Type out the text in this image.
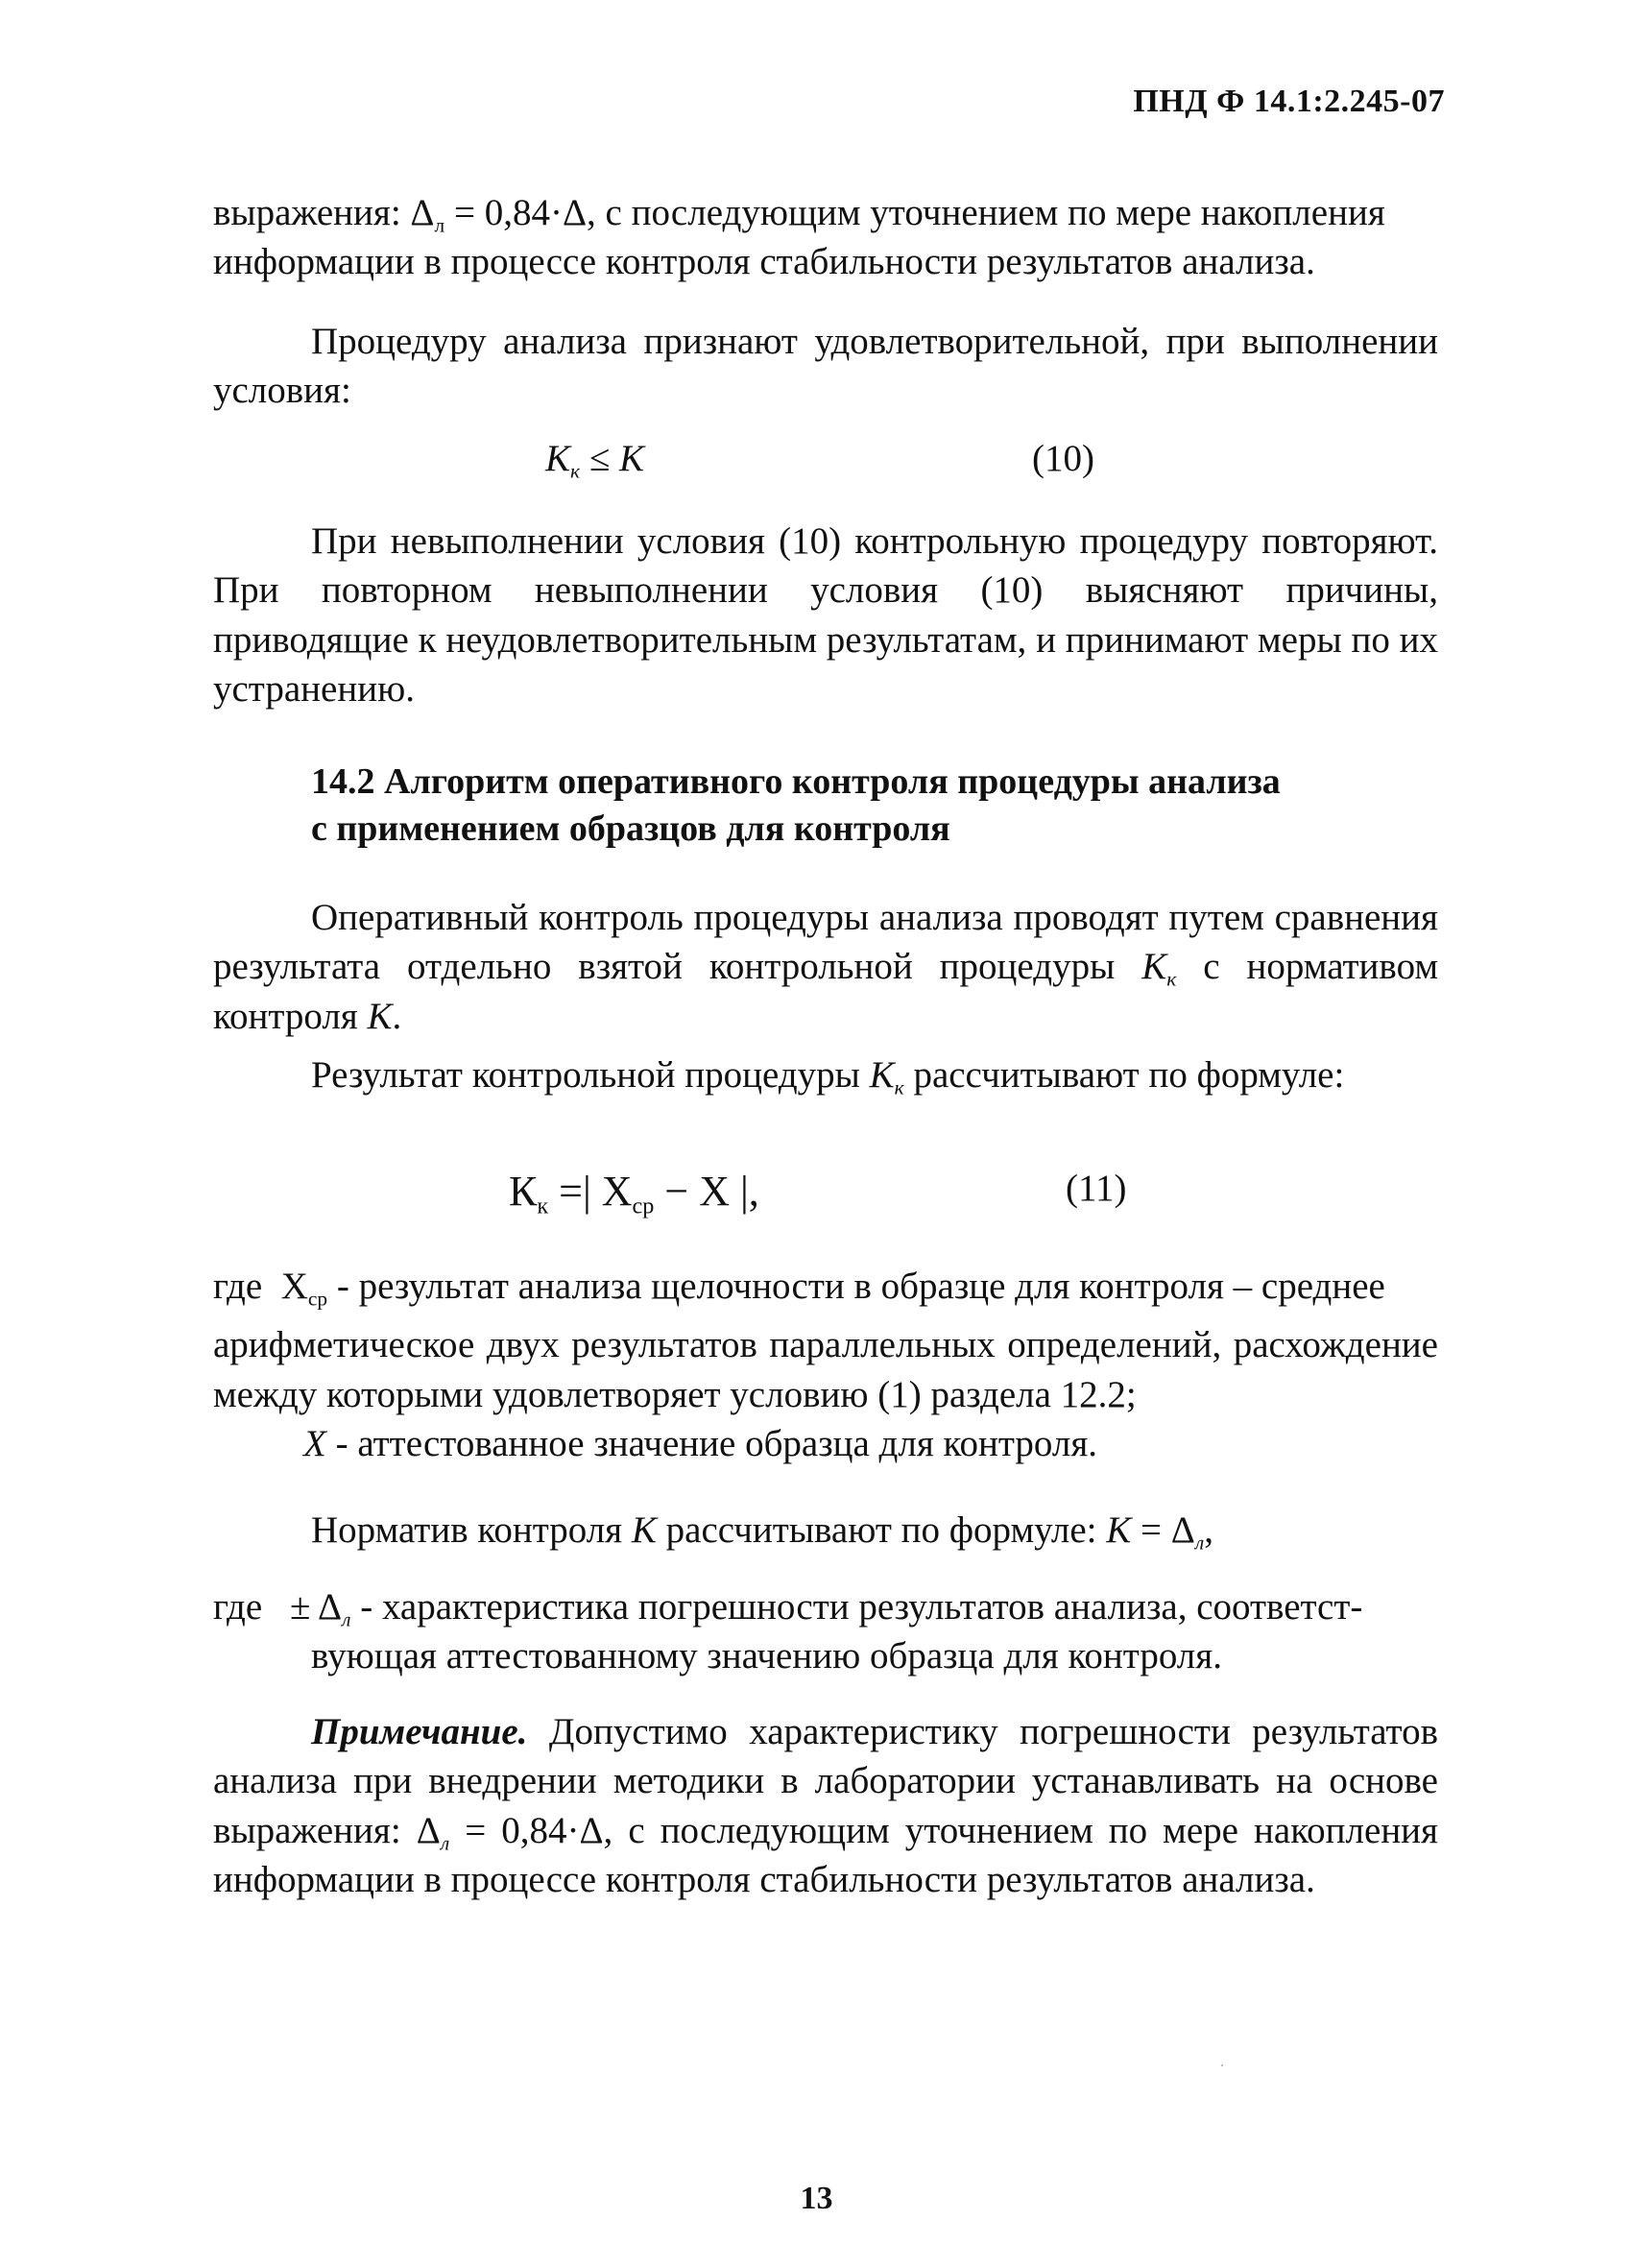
ПНД Ф 14.1:2.245-07
выражения: $\Delta_л = 0,84\cdot\Delta$, с последующим уточнением по мере накопления
информации в процессе контроля стабильности результатов анализа.
Процедуру анализа признают удовлетворительной, при выполнении условия:
$K_к \le K$	(10)
При невыполнении условия (10) контрольную процедуру повторяют. При повторном невыполнении условия (10) выясняют причины, приводящие к неудовлетворительным результатам, и принимают меры по их устранению.
14.2 Алгоритм оперативного контроля процедуры анализа
с применением образцов для контроля
Оперативный контроль процедуры анализа проводят путем сравнения результата отдельно взятой контрольной процедуры $K_к$ с нормативом контроля K.
Результат контрольной процедуры $K_к$ рассчитывают по формуле:
$К_к$ =| $X_{ср} - X$ |,	(11)
где $X_{ср}$ - результат анализа щелочности в образце для контроля – среднее
арифметическое двух результатов параллельных определений, расхождение между которыми удовлетворяет условию (1) раздела 12.2;
X - аттестованное значение образца для контроля.
Норматив контроля K рассчитывают по формуле: $K = \Delta_л$,
где ± $\Delta_л$ - характеристика погрешности результатов анализа, соответст-
вующая аттестованному значению образца для контроля.
Примечание. Допустимо характеристику погрешности результатов анализа при внедрении методики в лаборатории устанавливать на основе выражения: $\Delta_л = 0,84\cdot\Delta$, с последующим уточнением по мере накопления информации в процессе контроля стабильности результатов анализа.
13
